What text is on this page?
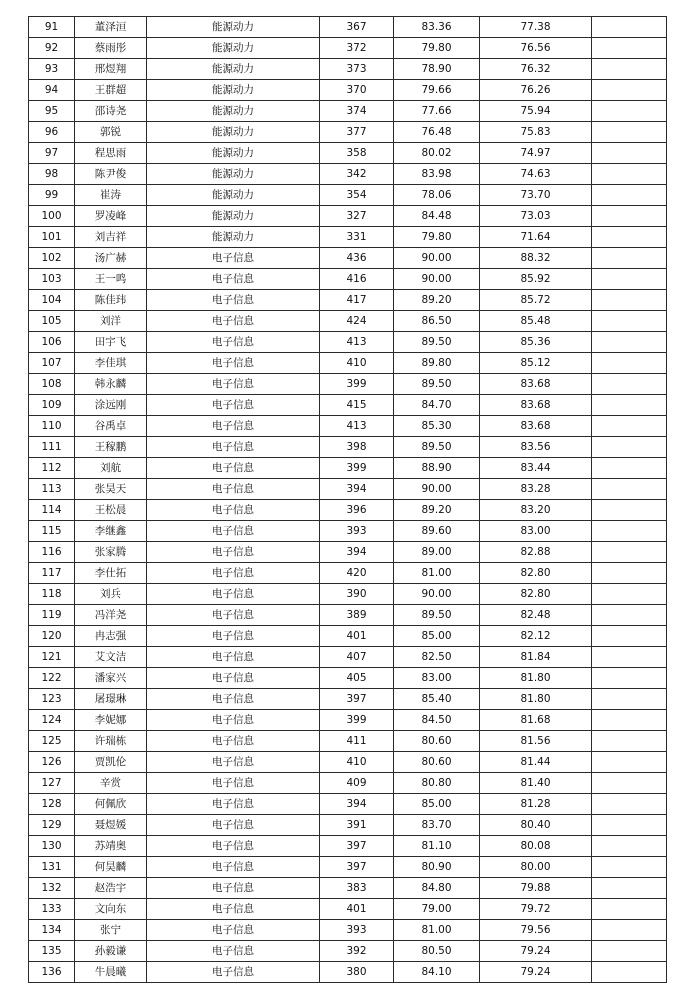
91	董泽洹	能源动力	367	83.36	77.38	
92	蔡雨彤	能源动力	372	79.80	76.56	
93	邢煜翔	能源动力	373	78.90	76.32	
94	王群超	能源动力	370	79.66	76.26	
95	邵诗尧	能源动力	374	77.66	75.94	
96	郭锐	能源动力	377	76.48	75.83	
97	程思雨	能源动力	358	80.02	74.97	
98	陈尹俊	能源动力	342	83.98	74.63	
99	崔涛	能源动力	354	78.06	73.70	
100	罗凌峰	能源动力	327	84.48	73.03	
101	刘吉祥	能源动力	331	79.80	71.64	
102	汤广赫	电子信息	436	90.00	88.32	
103	王一鸣	电子信息	416	90.00	85.92	
104	陈佳玮	电子信息	417	89.20	85.72	
105	刘洋	电子信息	424	86.50	85.48	
106	田宇飞	电子信息	413	89.50	85.36	
107	李佳琪	电子信息	410	89.80	85.12	
108	韩永麟	电子信息	399	89.50	83.68	
109	涂远刚	电子信息	415	84.70	83.68	
110	谷禹卓	电子信息	413	85.30	83.68	
111	王稼鹏	电子信息	398	89.50	83.56	
112	刘航	电子信息	399	88.90	83.44	
113	张昊天	电子信息	394	90.00	83.28	
114	王松晨	电子信息	396	89.20	83.20	
115	李继鑫	电子信息	393	89.60	83.00	
116	张家腾	电子信息	394	89.00	82.88	
117	李仕拓	电子信息	420	81.00	82.80	
118	刘兵	电子信息	390	90.00	82.80	
119	冯洋尧	电子信息	389	89.50	82.48	
120	冉志强	电子信息	401	85.00	82.12	
121	艾文洁	电子信息	407	82.50	81.84	
122	潘家兴	电子信息	405	83.00	81.80	
123	屠璟琳	电子信息	397	85.40	81.80	
124	李妮娜	电子信息	399	84.50	81.68	
125	许瑞栋	电子信息	411	80.60	81.56	
126	贾凯伦	电子信息	410	80.60	81.44	
127	辛赏	电子信息	409	80.80	81.40	
128	何佩欣	电子信息	394	85.00	81.28	
129	聂煜媛	电子信息	391	83.70	80.40	
130	苏靖奥	电子信息	397	81.10	80.08	
131	何昊麟	电子信息	397	80.90	80.00	
132	赵浩宇	电子信息	383	84.80	79.88	
133	文向东	电子信息	401	79.00	79.72	
134	张宁	电子信息	393	81.00	79.56	
135	孙毅谦	电子信息	392	80.50	79.24	
136	牛晨曦	电子信息	380	84.10	79.24	
